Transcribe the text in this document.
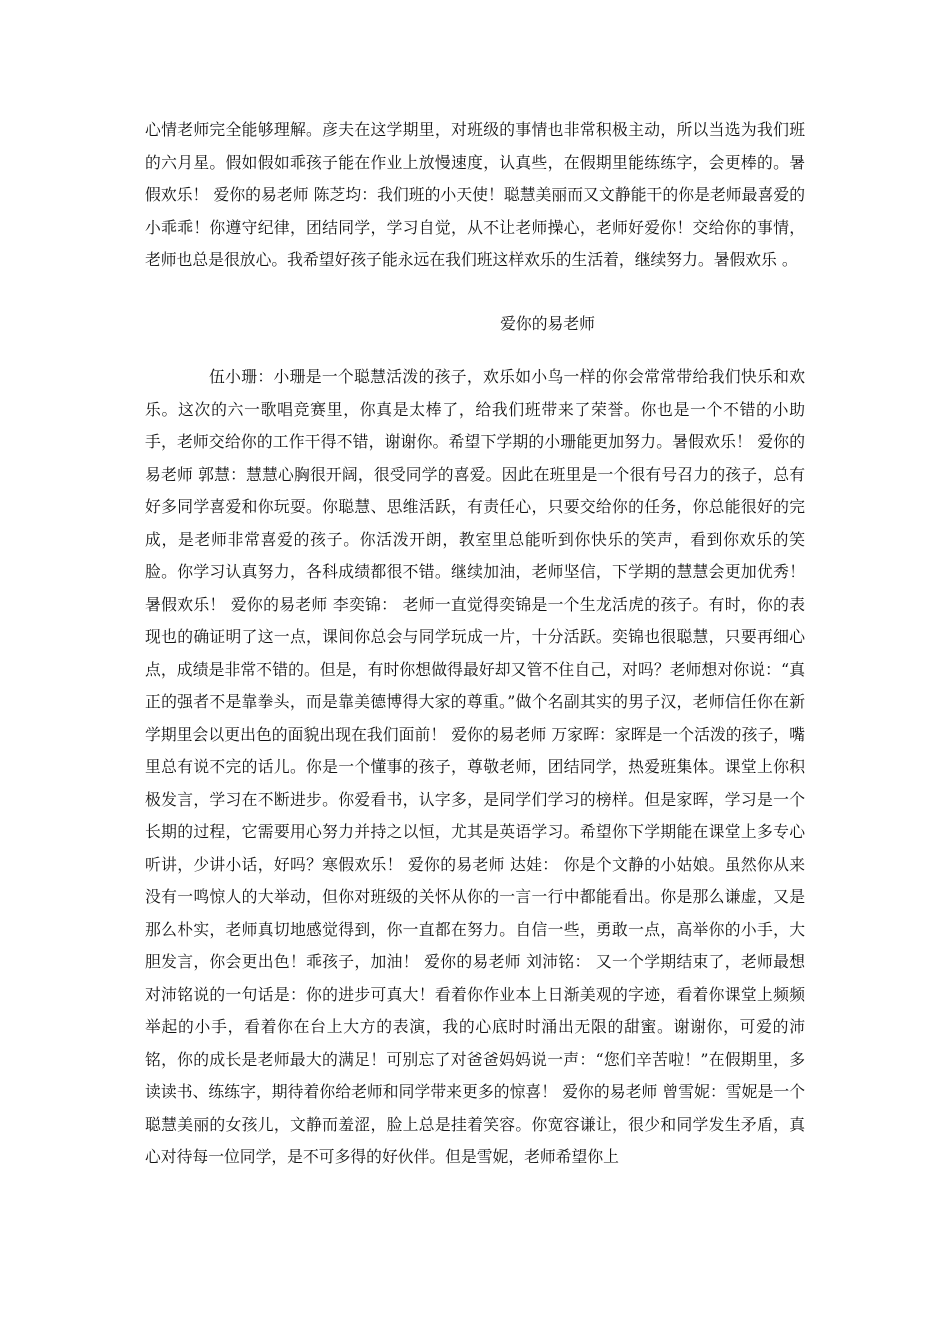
心情老师完全能够理解。彦夫在这学期里，对班级的事情也非常积极主动，所以当选为我们班的六月星。假如假如乖孩子能在作业上放慢速度，认真些，在假期里能练练字，会更棒的。暑假欢乐！ 爱你的易老师 陈芝均：我们班的小天使！聪慧美丽而又文静能干的你是老师最喜爱的小乖乖！你遵守纪律，团结同学，学习自觉，从不让老师操心，老师好爱你！交给你的事情，老师也总是很放心。我希望好孩子能永远在我们班这样欢乐的生活着，继续努力。暑假欢乐 。

爱你的易老师

伍小珊：小珊是一个聪慧活泼的孩子，欢乐如小鸟一样的你会常常带给我们快乐和欢乐。这次的六一歌唱竞赛里，你真是太棒了，给我们班带来了荣誉。你也是一个不错的小助手，老师交给你的工作干得不错，谢谢你。希望下学期的小珊能更加努力。暑假欢乐！ 爱你的易老师 郭慧：慧慧心胸很开阔，很受同学的喜爱。因此在班里是一个很有号召力的孩子，总有好多同学喜爱和你玩耍。你聪慧、思维活跃，有责任心，只要交给你的任务，你总能很好的完成，是老师非常喜爱的孩子。你活泼开朗，教室里总能听到你快乐的笑声，看到你欢乐的笑脸。你学习认真努力，各科成绩都很不错。继续加油，老师坚信，下学期的慧慧会更加优秀！暑假欢乐！ 爱你的易老师 李奕锦： 老师一直觉得奕锦是一个生龙活虎的孩子。有时，你的表现也的确证明了这一点，课间你总会与同学玩成一片，十分活跃。奕锦也很聪慧，只要再细心点，成绩是非常不错的。但是，有时你想做得最好却又管不住自己，对吗？老师想对你说：“真正的强者不是靠拳头，而是靠美德博得大家的尊重。”做个名副其实的男子汉，老师信任你在新学期里会以更出色的面貌出现在我们面前！ 爱你的易老师 万家晖：家晖是一个活泼的孩子，嘴里总有说不完的话儿。你是一个懂事的孩子，尊敬老师，团结同学，热爱班集体。课堂上你积极发言，学习在不断进步。你爱看书，认字多，是同学们学习的榜样。但是家晖，学习是一个长期的过程，它需要用心努力并持之以恒，尤其是英语学习。希望你下学期能在课堂上多专心听讲，少讲小话，好吗？寒假欢乐！ 爱你的易老师 达娃： 你是个文静的小姑娘。虽然你从来没有一鸣惊人的大举动，但你对班级的关怀从你的一言一行中都能看出。你是那么谦虚，又是那么朴实，老师真切地感觉得到，你一直都在努力。自信一些，勇敢一点，高举你的小手，大胆发言，你会更出色！乖孩子，加油！ 爱你的易老师 刘沛铭： 又一个学期结束了，老师最想对沛铭说的一句话是：你的进步可真大！看着你作业本上日渐美观的字迹，看着你课堂上频频举起的小手，看着你在台上大方的表演，我的心底时时涌出无限的甜蜜。谢谢你，可爱的沛铭，你的成长是老师最大的满足！可别忘了对爸爸妈妈说一声：“您们辛苦啦！”在假期里，多读读书、练练字，期待着你给老师和同学带来更多的惊喜！ 爱你的易老师 曾雪妮：雪妮是一个聪慧美丽的女孩儿，文静而羞涩，脸上总是挂着笑容。你宽容谦让，很少和同学发生矛盾，真心对待每一位同学，是不可多得的好伙伴。但是雪妮，老师希望你上
